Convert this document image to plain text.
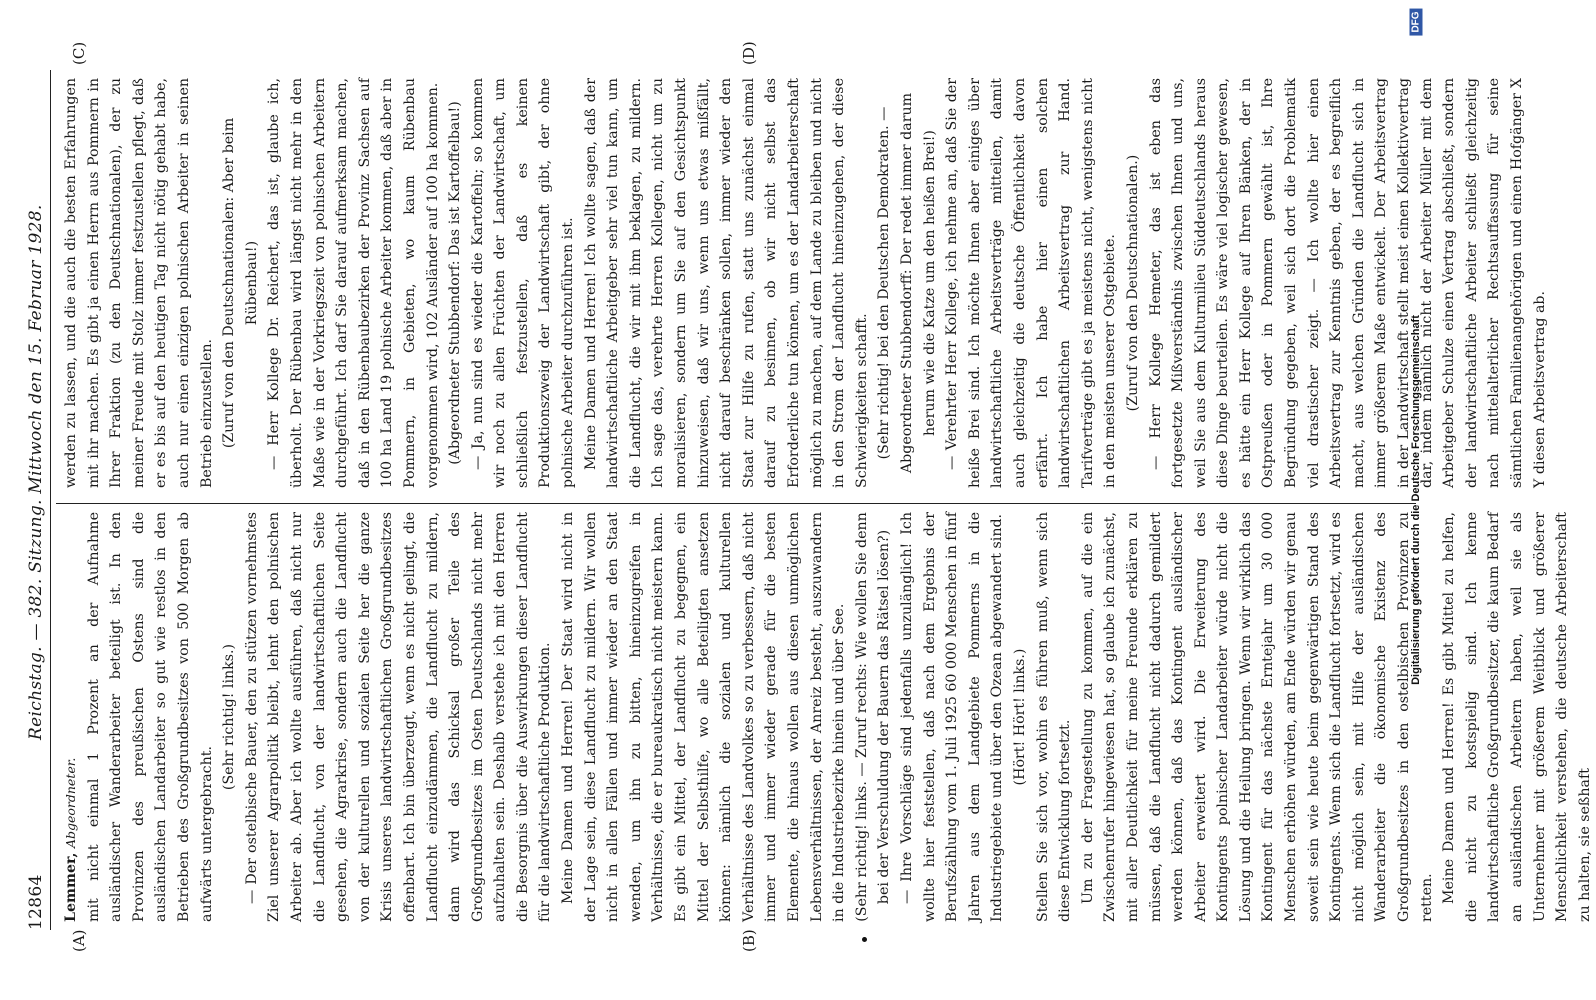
12864
Reichstag. — 382. Sitzung. Mittwoch den 15. Februar 1928.
(A)	(B)
(C)	(D)

Lemmer, Abgeordneter. mit nicht einmal 1 Prozent an der Aufnahme ausländischer Wanderarbeiter beteiligt ist. In den Provinzen des preußischen Ostens sind die ausländischen Landarbeiter so gut wie restlos in den Betrieben des Großgrundbesitzes von 500 Morgen ab aufwärts untergebracht.

(Sehr richtig! links.) — Der ostelbische Bauer, den zu stützen vornehmstes Ziel unserer Agrarpolitik bleibt, lehnt den polnischen Arbeiter ab. Aber ich wollte ausführen, daß nicht nur die Landflucht, von der landwirtschaftlichen Seite gesehen, die Agrarkrise, sondern auch die Landflucht von der kulturellen und sozialen Seite her die ganze Krisis unseres landwirtschaftlichen Großgrundbesitzes offenbart. Ich bin überzeugt, wenn es nicht gelingt, die Landflucht einzudämmen, die Landflucht zu mildern, dann wird das Schicksal großer Teile des Großgrundbesitzes im Osten Deutschlands nicht mehr aufzuhalten sein. Deshalb verstehe ich mit den Herren die Besorgnis über die Auswirkungen dieser Landflucht für die landwirtschaftliche Produktion. Meine Damen und Herren! Der Staat wird nicht in der Lage sein, diese Landflucht zu mildern. Wir wollen nicht in allen Fällen und immer wieder an den Staat wenden, um ihn zu bitten, hineinzugreifen in Verhältnisse, die er bureaukratisch nicht meistern kann. Es gibt ein Mittel, der Landflucht zu begegnen, ein Mittel der Selbsthilfe, wo alle Beteiligten ansetzen können: nämlich die sozialen und kulturellen Verhältnisse des Landvolkes so zu verbessern, daß nicht immer und immer wieder gerade für die besten Elemente, die hinaus wollen aus diesen unmöglichen Lebensverhältnissen, der Anreiz besteht, auszuwandern in die Industriebezirke hinein und über See. (Sehr richtig! links. — Zuruf rechts: Wie wollen Sie denn bei der Verschuldung der Bauern das Rätsel lösen?) — Ihre Vorschläge sind jedenfalls unzulänglich! Ich wollte hier feststellen, daß nach dem Ergebnis der Berufszählung vom 1. Juli 1925 60 000 Menschen in fünf Jahren aus dem Landgebiete Pommerns in die Industriegebiete und über den Ozean abgewandert sind. (Hört! Hört! links.) Stellen Sie sich vor, wohin es führen muß, wenn sich diese Entwicklung fortsetzt. Um zu der Fragestellung zu kommen, auf die ein Zwischenrufer hingewiesen hat, so glaube ich zunächst, mit aller Deutlichkeit für meine Freunde erklären zu müssen, daß die Landflucht nicht dadurch gemildert werden können, daß das Kontingent ausländischer Arbeiter erweitert wird. Die Erweiterung des Kontingents polnischer Landarbeiter würde nicht die Lösung und die Heilung bringen. Wenn wir wirklich das Kontingent für das nächste Erntejahr um 30 000 Menschen erhöhen würden, am Ende würden wir genau soweit sein wie heute beim gegenwärtigen Stand des Kontingents. Wenn sich die Landflucht fortsetzt, wird es nicht möglich sein, mit Hilfe der ausländischen Wanderarbeiter die ökonomische Existenz des Großgrundbesitzes in den ostelbischen Provinzen zu retten. Meine Damen und Herren! Es gibt Mittel zu helfen, die nicht zu kostspielig sind. Ich kenne landwirtschaftliche Großgrundbesitzer, die kaum Bedarf an ausländischen Arbeitern haben, weil sie als Unternehmer mit größerem Weitblick und größerer Menschlichkeit verstehen, die deutsche Arbeiterschaft zu halten, sie seßhaft

werden zu lassen, und die auch die besten Erfahrungen mit ihr machen. Es gibt ja einen Herrn aus Pommern in Ihrer Fraktion (zu den Deutschnationalen), der zu meiner Freude mit Stolz immer festzustellen pflegt, daß er es bis auf den heutigen Tag nicht nötig gehabt habe, auch nur einen einzigen polnischen Arbeiter in seinen Betrieb einzustellen. (Zuruf von den Deutschnationalen: Aber beim Rübenbau!) — Herr Kollege Dr. Reichert, das ist, glaube ich, überholt. Der Rübenbau wird längst nicht mehr in den Maße wie in der Vorkriegszeit von polnischen Arbeitern durchgeführt. Ich darf Sie darauf aufmerksam machen, daß in den Rübenbaubezirken der Provinz Sachsen auf 100 ha Land 19 polnische Arbeiter kommen, daß aber in Pommern, in Gebieten, wo kaum Rübenbau vorgenommen wird, 102 Ausländer auf 100 ha kommen. (Abgeordneter Stubbendorf: Das ist Kartoffelbau!) — Ja, nun sind es wieder die Kartoffeln; so kommen wir noch zu allen Früchten der Landwirtschaft, um schließlich festzustellen, daß es keinen Produktionszweig der Landwirtschaft gibt, der ohne polnische Arbeiter durchzuführen ist. Meine Damen und Herren! Ich wollte sagen, daß der landwirtschaftliche Arbeitgeber sehr viel tun kann, um die Landflucht, die wir mit ihm beklagen, zu mildern. Ich sage das, verehrte Herren Kollegen, nicht um zu moralisieren, sondern um Sie auf den Gesichtspunkt hinzuweisen, daß wir uns, wenn uns etwas mißfällt, nicht darauf beschränken sollen, immer wieder den Staat zur Hilfe zu rufen, statt uns zunächst einmal darauf zu besinnen, ob wir nicht selbst das Erforderliche tun können, um es der Landarbeiterschaft möglich zu machen, auf dem Lande zu bleiben und nicht in den Strom der Landflucht hineinzugehen, der diese Schwierigkeiten schafft. (Sehr richtig! bei den Deutschen Demokraten. — Abgeordneter Stubbendorff: Der redet immer darum herum wie die Katze um den heißen Brei!) — Verehrter Herr Kollege, ich nehme an, daß Sie der heiße Brei sind. Ich möchte Ihnen aber einiges über landwirtschaftliche Arbeitsverträge mitteilen, damit auch gleichzeitig die deutsche Öffentlichkeit davon erfährt. Ich habe hier einen solchen landwirtschaftlichen Arbeitsvertrag zur Hand. Tarifverträge gibt es ja meistens nicht, wenigstens nicht in den meisten unserer Ostgebiete. (Zuruf von den Deutschnationalen.) — Herr Kollege Hemeter, das ist eben das fortgesetzte Mißverständnis zwischen Ihnen und uns, weil Sie aus dem Kulturmilieu Süddeutschlands heraus diese Dinge beurteilen. Es wäre viel logischer gewesen, es hätte ein Herr Kollege auf Ihren Bänken, der in Ostpreußen oder in Pommern gewählt ist, Ihre Begründung gegeben, weil sich dort die Problematik viel drastischer zeigt. — Ich wollte hier einen Arbeitsvertrag zur Kenntnis geben, der es begreiflich macht, aus welchen Gründen die Landflucht sich in immer größerem Maße entwickelt. Der Arbeitsvertrag in der Landwirtschaft stellt meist einen Kollektivvertrag dar, indem nämlich nicht der Arbeiter Müller mit dem Arbeitgeber Schulze einen Vertrag abschließt, sondern der landwirtschaftliche Arbeiter schließt gleichzeitig nach mittelalterlicher Rechtsauffassung für seine sämtlichen Familienangehörigen und einen Hofgänger X Y diesen Arbeitsvertrag ab.

Digitalisierung gefördert durch die Deutsche Forschungsgemeinschaft
DFG
